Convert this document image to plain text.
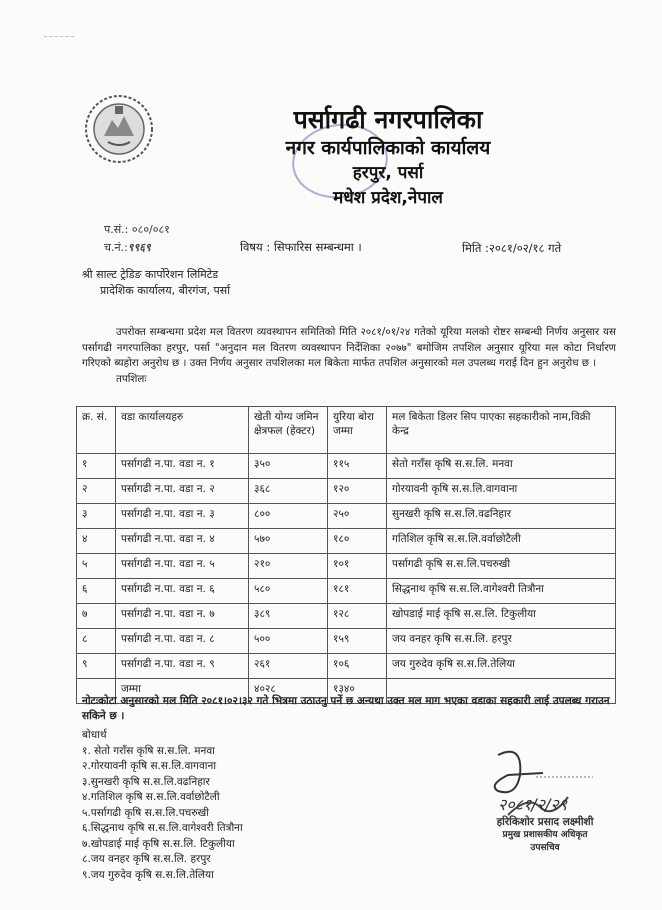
पर्सागढी नगरपालिका
नगर कार्यपालिकाको कार्यालय
हरपुर, पर्सा
मधेश प्रदेश,नेपाल
प.सं.: ०८०/०८१
च.नं.:९९६९	विषय : सिफारिस सम्बन्धमा ।	मिति :२०८१/०२/१८ गते
श्री साल्ट ट्रेडिङ कार्पोरेशन लिमिटेड
प्रादेशिक कार्यालय, बीरगंज, पर्सा

उपरोक्त सम्बन्धमा प्रदेश मल वितरण व्यवस्थापन समितिको मिति २०८१/०१/२४ गतेको यूरिया मलको रोष्टर सम्बन्धी निर्णय अनुसार यस पर्सागढी नगरपालिका हरपुर, पर्सा "अनुदान मल वितरण व्यवस्थापन निर्देशिका २०७७" बमोजिम तपशिल अनुसार यूरिया मल कोटा निर्धारण गरिएको ब्यहोरा अनुरोध छ । उक्त निर्णय अनुसार तपशिलका मल बिकेता मार्फत तपशिल अनुसारको मल उपलब्ध गराई दिन हुन अनुरोध छ ।

तपशिलः

क्र. सं.	वडा कार्यालयहरु	खेती योग्य जमिन क्षेत्रफल (हेक्टर)	युरिया बोरा जम्मा	मल बिकेता डिलर सिप पाएका सहकारीको नाम,विक्री केन्द्र
१	पर्सागढी न.पा. वडा न. १	३५०	११५	सेतो गराँस कृषि स.स.लि. मनवा
२	पर्सागढी न.पा. वडा न. २	३६८	१२०	गोरयावनी कृषि स.स.लि.वागवाना
३	पर्सागढी न.पा. वडा न. ३	८००	२५०	सुनखरी कृषि स.स.लि.वढनिहार
४	पर्सागढी न.पा. वडा न. ४	५७०	१८०	गतिशिल कृषि स.स.लि.वर्वाछोटैली
५	पर्सागढी न.पा. वडा न. ५	२१०	१०१	पर्सागढी कृषि स.स.लि.पचरुखी
६	पर्सागढी न.पा. वडा न. ६	५८०	१८१	सिद्धनाथ कृषि स.स.लि.वागेश्वरी तित्रौना
७	पर्सागढी न.पा. वडा न. ७	३८९	१२८	खोपडाई माई कृषि स.स.लि. टिकुलीया
८	पर्सागढी न.पा. वडा न. ८	५००	१५९	जय वनहर कृषि स.स.लि. हरपुर
९	पर्सागढी न.पा. वडा न. ९	२६१	१०६	जय गुरुदेव कृषि स.स.लि.तेलिया
	जम्मा	४०२८	१३४०	
नोटःकोटा अनुसारको मल मिति २०८१।०२।३२ गते भित्रमा उठाउनु पर्ने छ अन्यथा उक्त मल माग भएका वडाका सहकारी लाई उपलब्ध गराउन सकिने छ ।
बोधार्थ
१. सेतो गराँस कृषि स.स.लि. मनवा
२.गोरयावनी कृषि स.स.लि.वागवाना
३.सुनखरी कृषि स.स.लि.वढनिहार
४.गतिशिल कृषि स.स.लि.वर्वाछोटैली
५.पर्सागढी कृषि स.स.लि.पचरुखी
६.सिद्धनाथ कृषि स.स.लि.वागेश्वरी तित्रौना
७.खोपडाई माई कृषि स.स.लि. टिकुलीया
८.जय वनहर कृषि स.स.लि. हरपुर
९.जय गुरुदेव कृषि स.स.लि.तेलिया
हरिकिशोर प्रसाद लक्ष्मीशी
प्रमुख प्रशासकीय अधिकृत
उपसचिव
२०८१/२/२९
